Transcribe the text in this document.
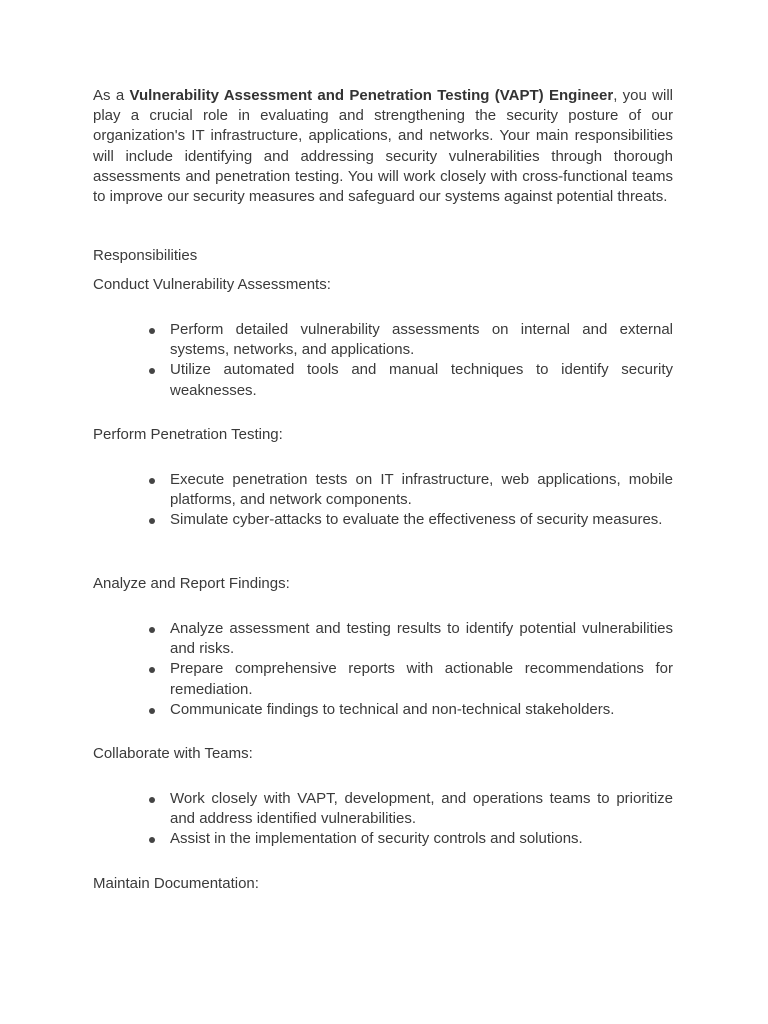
As a Vulnerability Assessment and Penetration Testing (VAPT) Engineer, you will play a crucial role in evaluating and strengthening the security posture of our organization's IT infrastructure, applications, and networks. Your main responsibilities will include identifying and addressing security vulnerabilities through thorough assessments and penetration testing. You will work closely with cross-functional teams to improve our security measures and safeguard our systems against potential threats.

Responsibilities

Conduct Vulnerability Assessments:

Perform detailed vulnerability assessments on internal and external systems, networks, and applications.
Utilize automated tools and manual techniques to identify security weaknesses.

Perform Penetration Testing:

Execute penetration tests on IT infrastructure, web applications, mobile platforms, and network components.
Simulate cyber-attacks to evaluate the effectiveness of security measures.

Analyze and Report Findings:

Analyze assessment and testing results to identify potential vulnerabilities and risks.
Prepare comprehensive reports with actionable recommendations for remediation.
Communicate findings to technical and non-technical stakeholders.

Collaborate with Teams:

Work closely with VAPT, development, and operations teams to prioritize and address identified vulnerabilities.
Assist in the implementation of security controls and solutions.

Maintain Documentation:
